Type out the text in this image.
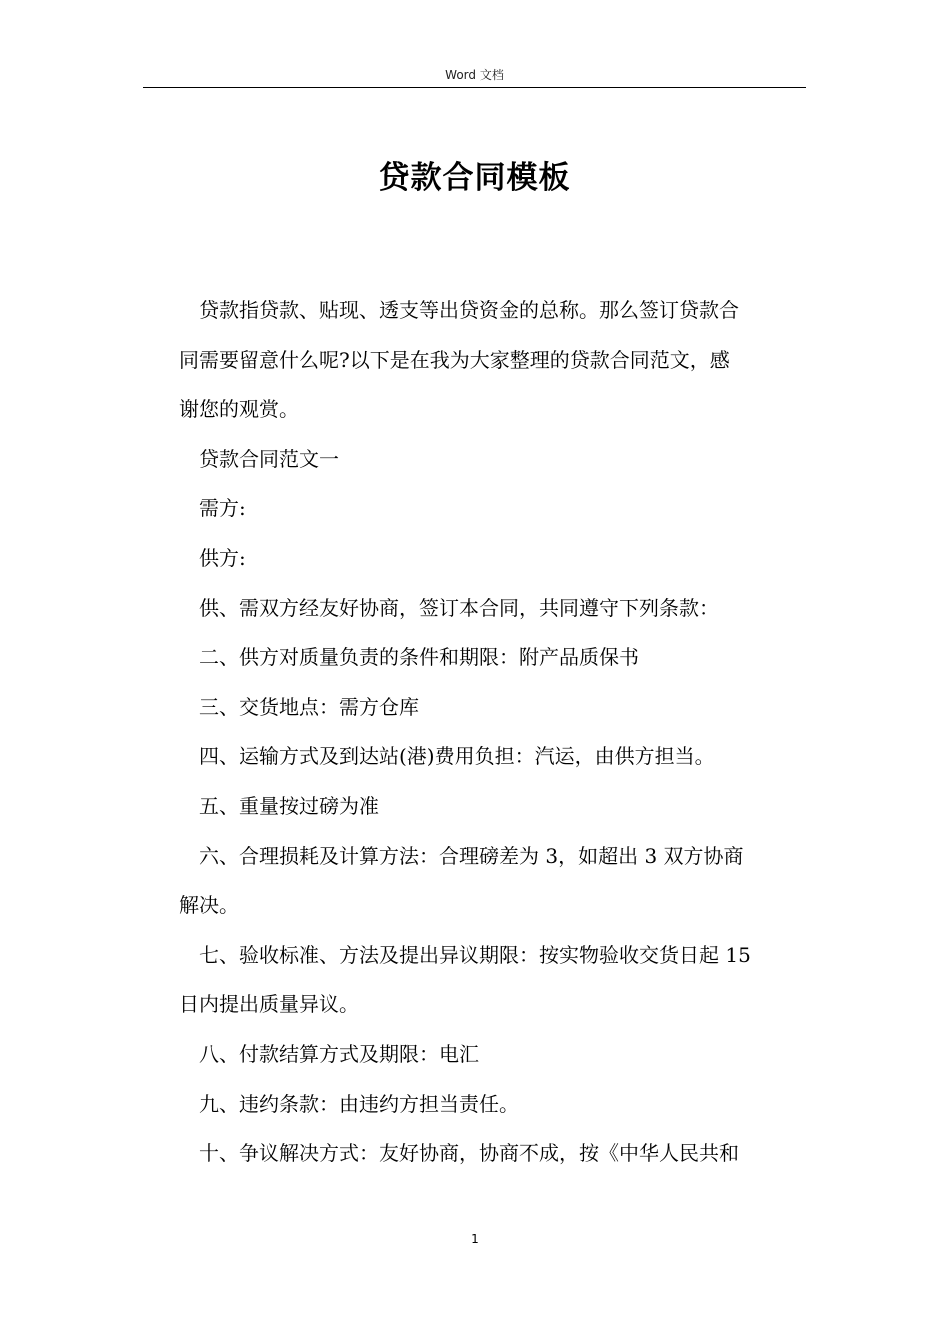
Word 文档
贷款合同模板

贷款指贷款、贴现、透支等出贷资金的总称。那么签订贷款合

同需要留意什么呢?以下是在我为大家整理的贷款合同范文，感

谢您的观赏。

贷款合同范文一

需方:

供方:

供、需双方经友好协商，签订本合同，共同遵守下列条款：

二、供方对质量负责的条件和期限：附产品质保书

三、交货地点：需方仓库

四、运输方式及到达站(港)费用负担：汽运，由供方担当。

五、重量按过磅为准

六、合理损耗及计算方法：合理磅差为 3，如超出 3 双方协商

解决。

七、验收标准、方法及提出异议期限：按实物验收交货日起 15

日内提出质量异议。

八、付款结算方式及期限：电汇

九、违约条款：由违约方担当责任。

十、争议解决方式：友好协商，协商不成，按《中华人民共和

1
